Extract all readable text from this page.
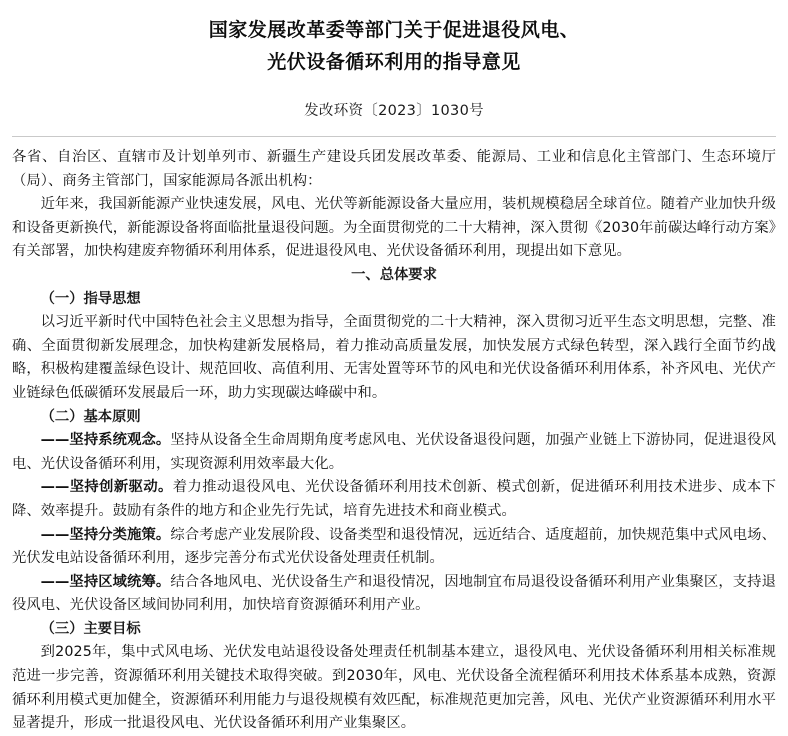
国家发展改革委等部门关于促进退役风电、
光伏设备循环利用的指导意见
发改环资〔2023〕1030号

各省、自治区、直辖市及计划单列市、新疆生产建设兵团发展改革委、能源局、工业和信息化主管部门、生态环境厅（局）、商务主管部门，国家能源局各派出机构：

近年来，我国新能源产业快速发展，风电、光伏等新能源设备大量应用，装机规模稳居全球首位。随着产业加快升级和设备更新换代，新能源设备将面临批量退役问题。为全面贯彻党的二十大精神，深入贯彻《2030年前碳达峰行动方案》有关部署，加快构建废弃物循环利用体系，促进退役风电、光伏设备循环利用，现提出如下意见。

一、总体要求

（一）指导思想

以习近平新时代中国特色社会主义思想为指导，全面贯彻党的二十大精神，深入贯彻习近平生态文明思想，完整、准确、全面贯彻新发展理念，加快构建新发展格局，着力推动高质量发展，加快发展方式绿色转型，深入践行全面节约战略，积极构建覆盖绿色设计、规范回收、高值利用、无害处置等环节的风电和光伏设备循环利用体系，补齐风电、光伏产业链绿色低碳循环发展最后一环，助力实现碳达峰碳中和。

（二）基本原则

——坚持系统观念。坚持从设备全生命周期角度考虑风电、光伏设备退役问题，加强产业链上下游协同，促进退役风电、光伏设备循环利用，实现资源利用效率最大化。

——坚持创新驱动。着力推动退役风电、光伏设备循环利用技术创新、模式创新，促进循环利用技术进步、成本下降、效率提升。鼓励有条件的地方和企业先行先试，培育先进技术和商业模式。

——坚持分类施策。综合考虑产业发展阶段、设备类型和退役情况，远近结合、适度超前，加快规范集中式风电场、光伏发电站设备循环利用，逐步完善分布式光伏设备处理责任机制。

——坚持区域统筹。结合各地风电、光伏设备生产和退役情况，因地制宜布局退役设备循环利用产业集聚区，支持退役风电、光伏设备区域间协同利用，加快培育资源循环利用产业。

（三）主要目标

到2025年，集中式风电场、光伏发电站退役设备处理责任机制基本建立，退役风电、光伏设备循环利用相关标准规范进一步完善，资源循环利用关键技术取得突破。到2030年，风电、光伏设备全流程循环利用技术体系基本成熟，资源循环利用模式更加健全，资源循环利用能力与退役规模有效匹配，标准规范更加完善，风电、光伏产业资源循环利用水平显著提升，形成一批退役风电、光伏设备循环利用产业集聚区。
